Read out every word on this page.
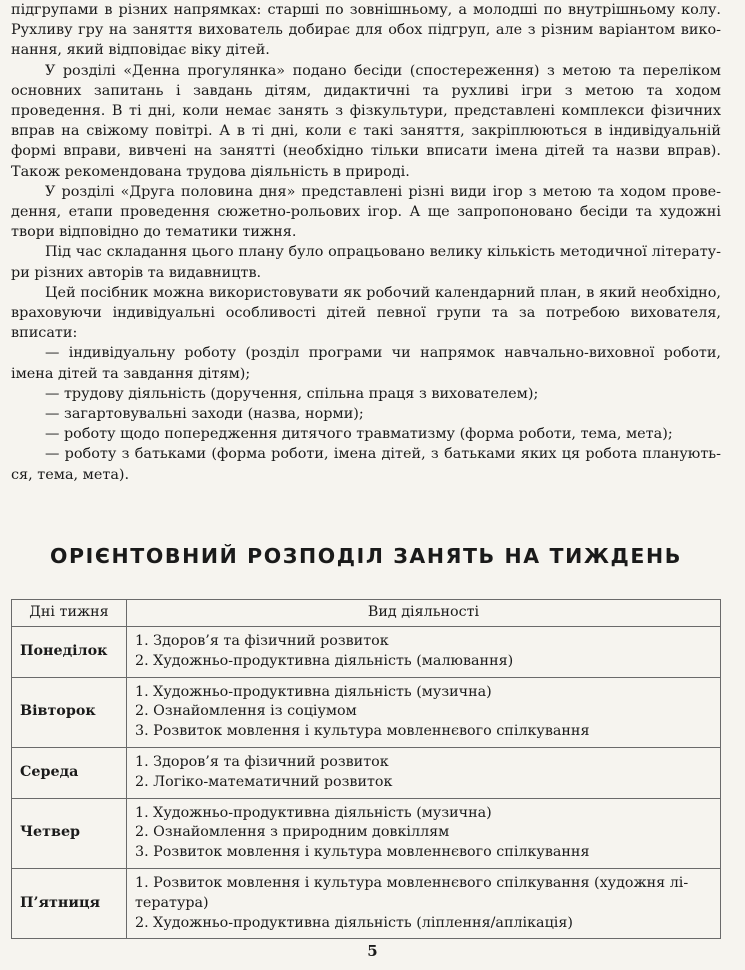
підгрупами в різних напрямках: старші по зовнішньому, а молодші по внутрішньому колу. Рухливу гру на заняття вихователь добирає для обох підгруп, але з різним варіантом виконання, який відповідає віку дітей.

У розділі «Денна прогулянка» подано бесіди (спостереження) з метою та переліком основних запитань і завдань дітям, дидактичні та рухливі ігри з метою та ходом проведення. В ті дні, коли немає занять з фізкультури, представлені комплекси фізичних вправ на свіжому повітрі. А в ті дні, коли є такі заняття, закріплюються в індивідуальній формі вправи, вивчені на занятті (необхідно тільки вписати імена дітей та назви вправ). Також рекомендована трудова діяльність в природі.

У розділі «Друга половина дня» представлені різні види ігор з метою та ходом проведення, етапи проведення сюжетно-рольових ігор. А ще запропоновано бесіди та художні твори відповідно до тематики тижня.

Під час складання цього плану було опрацьовано велику кількість методичної літератури різних авторів та видавництв.

Цей посібник можна використовувати як робочий календарний план, в який необхідно, враховуючи індивідуальні особливості дітей певної групи та за потребою вихователя, вписати:

— індивідуальну роботу (розділ програми чи напрямок навчально-виховної роботи, імена дітей та завдання дітям);

— трудову діяльність (доручення, спільна праця з вихователем);

— загартовувальні заходи (назва, норми);

— роботу щодо попередження дитячого травматизму (форма роботи, тема, мета);

— роботу з батьками (форма роботи, імена дітей, з батьками яких ця робота плануються, тема, мета).

ОРІЄНТОВНИЙ РОЗПОДІЛ ЗАНЯТЬ НА ТИЖДЕНЬ
Дні тижня	Вид діяльності
Понеділок	1. Здоров’я та фізичний розвиток
2. Художньо-продуктивна діяльність (малювання)

Вівторок	1. Художньо-продуктивна діяльність (музична)
2. Ознайомлення із соціумом
3. Розвиток мовлення і культура мовленнєвого спілкування

Середа	1. Здоров’я та фізичний розвиток
2. Логіко-математичний розвиток

Четвер	1. Художньо-продуктивна діяльність (музична)
2. Ознайомлення з природним довкіллям
3. Розвиток мовлення і культура мовленнєвого спілкування

П’ятниця	1. Розвиток мовлення і культура мовленнєвого спілкування (художня література)
2. Художньо-продуктивна діяльність (ліплення/аплікація)
5
